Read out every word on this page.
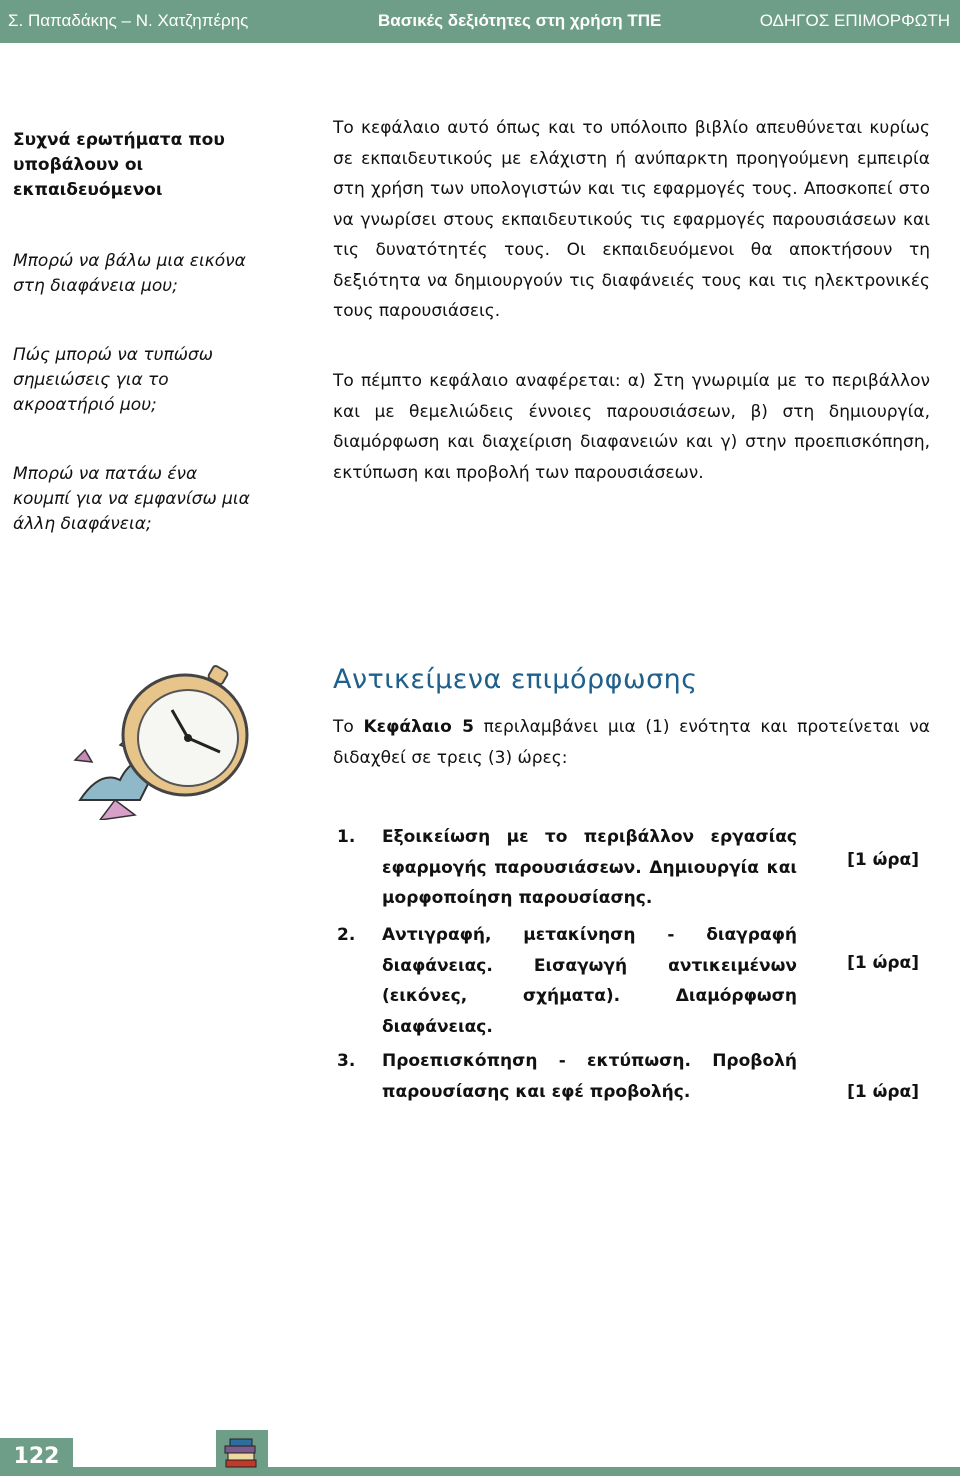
Σ. Παπαδάκης – Ν. Χατζηπέρης	Βασικές δεξιότητες στη χρήση ΤΠΕ	ΟΔΗΓΟΣ ΕΠΙΜΟΡΦΩΤΗ

Συχνά ερωτήματα που υποβάλουν οι εκπαιδευόμενοι

Μπορώ να βάλω μια εικόνα στη διαφάνεια μου;

Πώς μπορώ να τυπώσω σημειώσεις για το ακροατήριό μου;

Μπορώ να πατάω ένα κουμπί για να εμφανίσω μια άλλη διαφάνεια;

Το κεφάλαιο αυτό όπως και το υπόλοιπο βιβλίο απευθύνεται κυρίως σε εκπαιδευτικούς με ελάχιστη ή ανύπαρκτη προηγούμενη εμπειρία στη χρήση των υπολογιστών και τις εφαρμογές τους. Αποσκοπεί στο να γνωρίσει στους εκπαιδευτικούς τις εφαρμογές παρουσιάσεων και τις δυνατότητές τους. Οι εκπαιδευόμενοι θα αποκτήσουν τη δεξιότητα να δημιουργούν τις διαφάνειές τους και τις ηλεκτρονικές τους παρουσιάσεις.

Το πέμπτο κεφάλαιο αναφέρεται: α) Στη γνωριμία με το περιβάλλον και με θεμελιώδεις έννοιες παρουσιάσεων, β) στη δημιουργία, διαμόρφωση και διαχείριση διαφανειών και γ) στην προεπισκόπηση, εκτύπωση και προβολή των παρουσιάσεων.

Αντικείμενα επιμόρφωσης

Το Κεφάλαιο 5 περιλαμβάνει μια (1) ενότητα και προτείνεται να διδαχθεί σε τρεις (3) ώρες:

1.	Εξοικείωση με το περιβάλλον εργασίας εφαρμογής παρουσιάσεων. Δημιουργία και μορφοποίηση παρουσίασης.
[1 ώρα]
2.	Αντιγραφή, μετακίνηση - διαγραφή διαφάνειας. Εισαγωγή αντικειμένων (εικόνες, σχήματα). Διαμόρφωση διαφάνειας.
[1 ώρα]
3.	Προεπισκόπηση - εκτύπωση. Προβολή παρουσίασης και εφέ προβολής.	[1 ώρα]
122
